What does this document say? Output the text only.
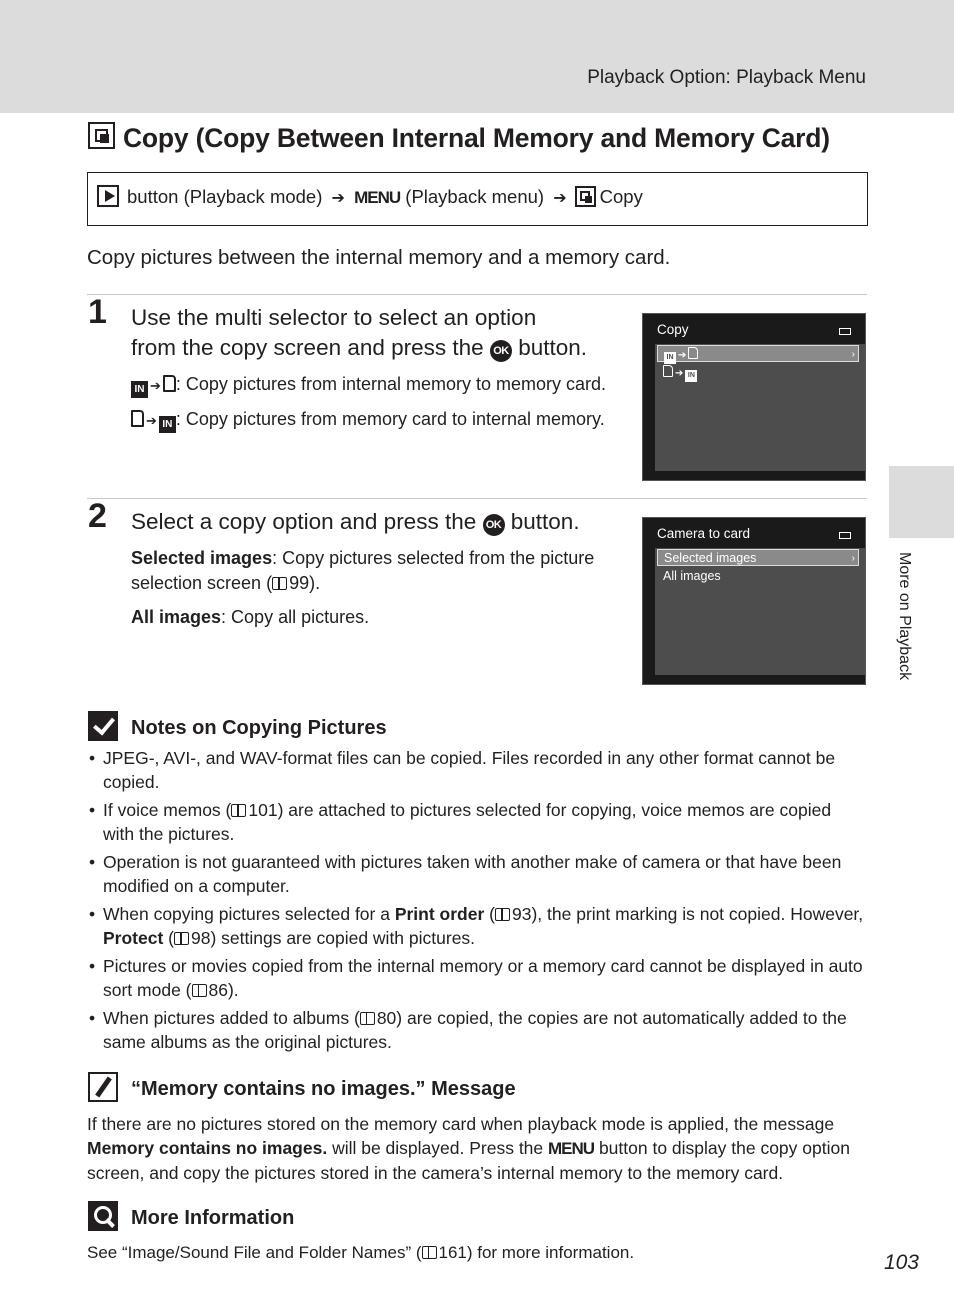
Playback Option: Playback Menu
Copy (Copy Between Internal Memory and Memory Card)
button (Playback mode) ➔ MENU (Playback menu) ➔ Copy
Copy pictures between the internal memory and a memory card.
1 Use the multi selector to select an option
from the copy screen and press the OK button.

IN ➔ : Copy pictures from internal memory to memory card.

➔ IN : Copy pictures from memory card to internal memory.

Copy
IN ➔	›
➔ IN
2 Select a copy option and press the OK button.

Selected images: Copy pictures selected from the picture selection screen ( 99).

All images: Copy all pictures.

Camera to card
Selected images	›
All images
Notes on Copying Pictures
• JPEG-, AVI-, and WAV-format files can be copied. Files recorded in any other format cannot be copied.
• If voice memos ( 101) are attached to pictures selected for copying, voice memos are copied with the pictures.
• Operation is not guaranteed with pictures taken with another make of camera or that have been modified on a computer.
• When copying pictures selected for a Print order ( 93), the print marking is not copied. However, Protect ( 98) settings are copied with pictures.
• Pictures or movies copied from the internal memory or a memory card cannot be displayed in auto sort mode ( 86).
• When pictures added to albums ( 80) are copied, the copies are not automatically added to the same albums as the original pictures.
“Memory contains no images.” Message
If there are no pictures stored on the memory card when playback mode is applied, the message Memory contains no images. will be displayed. Press the MENU button to display the copy option screen, and copy the pictures stored in the camera’s internal memory to the memory card.
More Information
See “Image/Sound File and Folder Names” ( 161) for more information.
More on Playback
103
